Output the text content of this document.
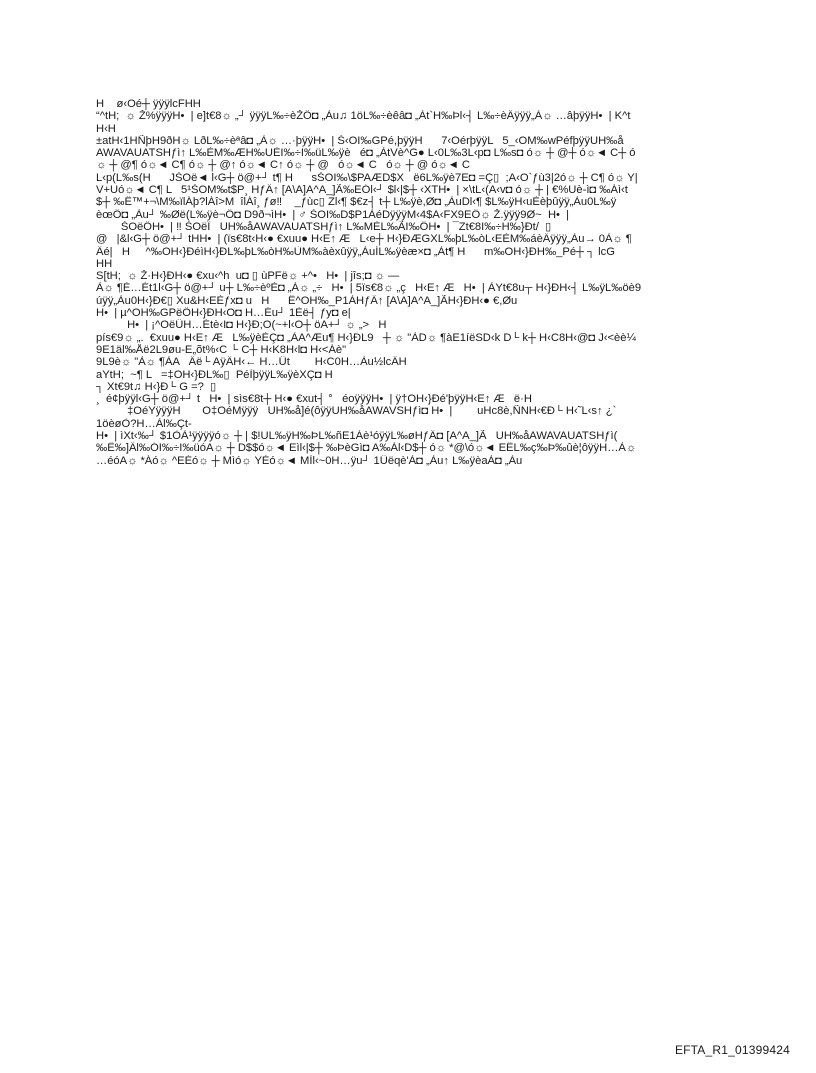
H    ø‹Oé┼ ÿÿÿlcFHH
“^tH;  ☼ Ž%ÿÿÿH•  | e]t€8☼ „┘ ÿÿÿL‰÷èŽÖ◘ „Àu♫ 1öL‰÷èêâ◘ „Àt`H‰Þl‹┤ L‰÷èÄÿÿÿ„À☼ …âþÿÿH•  | K^t
H‹H
±atH‹1HÑþH9ðH☼ LðL‰÷èªâ◘ „À☼ …·þÿÿH•  | Š‹OI‰GPé,þÿÿH      7‹OérþÿÿL   5_‹OM‰wPéfþÿÿUH‰å
AWAVAUATSHƒì↑ L‰ÈM‰ÆH‰UÈI‰÷I‰üL‰ÿè   é◘ „ÀtVè^G● L‹0L‰3L‹p◘ L‰s◘ ó☼ ┼ @┼ ó☼◄ C┼ ó
☼ ┼ @¶ ó☼◄ C¶ ó☼ ┼ @↑ ó☼◄ C↑ ó☼ ┼ @   ó☼◄ C   ó☼ ┼ @ ó☼◄ C
L‹p(L‰s(H      JŠOë◄ l‹G┼ ö@+┘ t¶ H      sŠOI‰\$PAÆD$X   ë6L‰ÿè7E◘ =Ç▯  ;A‹O`ƒù3|2ó☼ ┼ C¶ ó☼ Y|
V+Uó☼◄ C¶ L   5¹ŠOM‰t$P¸ HƒÄ↑ [A\A]A^A_]Ã‰EÓl‹┘ $l‹|$┼ ‹XTH•  | ×\tL‹(A‹v◘ ó☼ ┼ | €%Uè-ì◘ ‰Áì‹t
$┼ ‰Ë™+¬\M‰ïlÁþ?lÁî>M  îlÁî¸ ƒø‼    _ƒùc▯ Zl‹¶ $€z┤ t┼ L‰ÿè,Ø◘ „ÀuDl‹¶ $L‰ÿH‹uÈèþûÿÿ„Àu0L‰ÿ
èœÖ◘ „Àu┘ ‰Øë(L‰ÿè¬Ö◘ D9ð¬ìH•  | ♂ ŠOI‰D$P1ÀéDÿÿÿM‹4$A‹FX9EÔ☼ Ž.ÿÿÿ9Ø~  H•  |
ŠOëÖH•  | ‼ ŠOëÏ   UH‰åAWAVAUATSHƒì↑ L‰MÈL‰ÃI‰ÖH•  | ¯Zt€8I‰÷H‰}Ðt/  ▯
@   |&l‹G┼ ö@+┘ tHH•  | (ïs€8t‹H‹● €xuu● H‹E↑ Æ   L‹e┼ H‹}ÐÆGXL‰þL‰òL‹EÈM‰áèÄÿÿÿ„Àu→ 0À☼ ¶
Äé|   H     ^‰OH‹}ÐéìH‹}ÐL‰þL‰òH‰ÙM‰àèxûÿÿ„ÀuÍL‰ÿèæ×◘ „Àt¶ H      m‰OH‹}ÐH‰_Pé┼ ┐ lcG
HH
S[tH;  ☼ Ž·H‹}ÐH‹● €xu‹^h  u◘ ▯ ùPFë☼ +^•   H•  | jîs;◘ ☼ —
À☼ ¶È…Ét1l‹G┼ ö@+┘ u┼ L‰÷èºÈ◘ „À☼ „÷   H•  | 5ïs€8☼ „ç   H‹E↑ Æ   H•  | ÀYt€8u┬ H‹}ÐH‹┤ L‰ÿL‰öè9
úÿÿ„Àu0H‹}Ð€▯ Xu&H‹EÈƒx◘ u   H      Ë^OH‰_P1ÀHƒÄ↑ [A\A]A^A_]ÃH‹}ÐH‹● €,Øu
H•  | µ^OH‰GPëÖH‹}ÐH‹O◘ H…Éu┘ 1Èë┤ ƒy◘ e|
H•  | ¡^OëÜH…Étè‹I◘ H‹}Ð;O(~+l‹O┼ öA+┘ ☼ „>   H
pís€9☼ „.  €xuu● H‹E↑ Æ   L‰ÿèÈÇ◘ „ÀA^Æu¶ H‹}ÐL9   ┼ ☼ "ÀD☼ ¶àE1íëSD‹k D└ k┼ H‹C8H‹@◘ J‹<èè¼
9E1äl‰Åë2L9øu-E„õt%‹C └ C┼ H‹K8H‹l◘ H‹<Áè"
9L9è☼ "À☼ ¶ÀA   Äë└ AÿÄH‹← H…Ût        H‹C0H…Àu½lcÄH
aYtH;  ~¶ L   =‡OH‹}ÐL‰▯  PéÌþÿÿL‰ÿèXÇ◘ H
┐ Xt€9t♫ H‹}Ð└ G =?  ▯
¸  é¢þÿÿl‹G┼ ö@+┘ t   H•  | sìs€8t┼ H‹● €xut┤ °   éoÿÿÿH•  | ÿ†OH‹}Ðé'þÿÿH‹E↑ Æ   ë·H
‡OéYÿÿÿH       O‡OéMÿÿÿ   UH‰å]é(ôÿÿUH‰åAWAVSHƒì◘ H•  |        uHc8è,ÑNH‹€Ð└ H‹˜L‹s↑ ¿`
1öèøÒ?H…Àl‰Çt-
H•  | ìXt‹‰┘ $1ÒÀ¹ÿÿÿÿó☼ ┼ | $!UL‰ÿH‰ÞL‰ñE1Àè¹óÿÿL‰øHƒÄ◘ [A^A_]Ã   UH‰åAWAVAUATSHƒì(
‰Ë‰]Äl‰ÓI‰÷I‰üóA☼ ┼ D$$ó☼◄ Eìl‹|$┼ ‰ÞèGì◘ A‰Ál‹D$┼ ó☼ *@\ó☼◄ EËL‰ç‰Þ‰ûè¦ôÿÿH…À☼
…éóA☼ *Áó☼ ^EÈó☼ ┼ Mìó☼ YÈó☼◄ MÌl‹~0H…ÿu┘ 1Ûëqè'À◘ „Àu↑ L‰ÿèaÀ◘ „Àu
EFTA_R1_01399424
